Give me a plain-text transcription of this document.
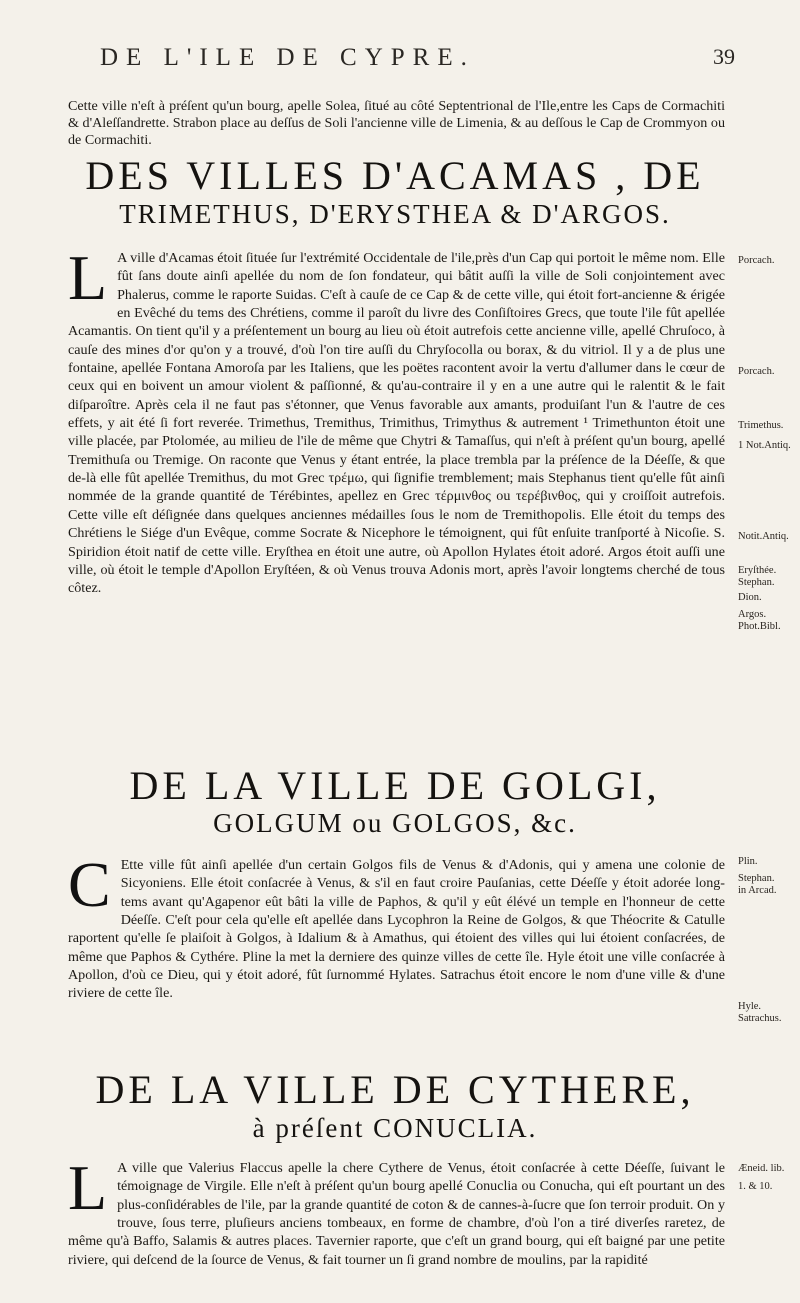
DE L'ILE DE CYPRE.	39

Cette ville n'eſt à préſent qu'un bourg, apelle Solea, ſitué au côté Septentrional de l'Ile,entre les Caps de Cormachiti & d'Aleſſandrette. Strabon place au deſſus de Soli l'ancienne ville de Limenia, & au deſſous le Cap de Crommyon ou de Cormachiti.

DES VILLES D'ACAMAS , DE
TRIMETHUS, D'ERYSTHEA & D'ARGOS.
L A ville d'Acamas étoit ſituée ſur l'extrémité Occidentale de l'ile,près d'un Cap qui portoit le même nom. Elle fût ſans doute ainſi apellée du nom de ſon fondateur, qui bâtit auſſi la ville de Soli conjointement avec Phalerus, comme le raporte Suidas. C'eſt à cauſe de ce Cap & de cette ville, qui étoit fort-ancienne & érigée en Evêché du tems des Chrétiens, comme il paroît du livre des Conſiſtoires Grecs, que toute l'ile fût apellée Acamantis. On tient qu'il y a préſentement un bourg au lieu où étoit autrefois cette ancienne ville, apellé Chruſoco, à cauſe des mines d'or qu'on y a trouvé, d'où l'on tire auſſi du Chryſocolla ou borax, & du vitriol. Il y a de plus une fontaine, apellée Fontana Amoroſa par les Italiens, que les poëtes racontent avoir la vertu d'allumer dans le cœur de ceux qui en boivent un amour violent & paſſionné, & qu'au-contraire il y en a une autre qui le ralentit & le fait diſparoître. Après cela il ne faut pas s'étonner, que Venus favorable aux amants, produiſant l'un & l'autre de ces effets, y ait été ſi fort reverée. Trimethus, Tremithus, Trimithus, Trimythus & autrement ¹ Trimethunton étoit une ville placée, par Ptolomée, au milieu de l'ile de même que Chytri & Tamaſſus, qui n'eſt à préſent qu'un bourg, apellé Tremithuſa ou Tremige. On raconte que Venus y étant entrée, la place trembla par la préſence de la Déeſſe, & que de-là elle fût apellée Tremithus, du mot Grec τρέμω, qui ſignifie tremblement; mais Stephanus tient qu'elle fût ainſi nommée de la grande quantité de Térébintes, apellez en Grec τέρμινθος ou τερέβινθος, qui y croiſſoit autrefois. Cette ville eſt déſignée dans quelques anciennes médailles ſous le nom de Tremithopolis. Elle étoit du temps des Chrétiens le Siége d'un Evêque, comme Socrate & Nicephore le témoignent, qui fût enſuite tranſporté à Nicoſie. S. Spiridion étoit natif de cette ville. Eryſthea en étoit une autre, où Apollon Hylates étoit adoré. Argos étoit auſſi une ville, où étoit le temple d'Apollon Eryſtéen, & où Venus trouva Adonis mort, après l'avoir longtems cherché de tous côtez.
DE LA VILLE DE GOLGI,
GOLGUM ou GOLGOS, &c.
C Ette ville fût ainſi apellée d'un certain Golgos fils de Venus & d'Adonis, qui y amena une colonie de Sicyoniens. Elle étoit conſacrée à Venus, & s'il en faut croire Pauſanias, cette Déeſſe y étoit adorée long-tems avant qu'Agapenor eût bâti la ville de Paphos, & qu'il y eût élévé un temple en l'honneur de cette Déeſſe. C'eſt pour cela qu'elle eſt apellée dans Lycophron la Reine de Golgos, & que Théocrite & Catulle raportent qu'elle ſe plaiſoit à Golgos, à Idalium & à Amathus, qui étoient des villes qui lui étoient conſacrées, de même que Paphos & Cythére. Pline la met la derniere des quinze villes de cette île. Hyle étoit une ville conſacrée à Apollon, d'où ce Dieu, qui y étoit adoré, fût ſurnommé Hylates. Satrachus étoit encore le nom d'une ville & d'une riviere de cette île.
DE LA VILLE DE CYTHERE,
à préſent CONUCLIA.
L A ville que Valerius Flaccus apelle la chere Cythere de Venus, étoit conſacrée à cette Déeſſe, ſuivant le témoignage de Virgile. Elle n'eſt à préſent qu'un bourg apellé Conuclia ou Conucha, qui eſt pourtant un des plus-conſidérables de l'ile, par la grande quantité de coton & de cannes-à-ſucre que ſon terroir produit. On y trouve, ſous terre, pluſieurs anciens tombeaux, en forme de chambre, d'où l'on a tiré diverſes raretez, de même qu'à Baffo, Salamis & autres places. Tavernier raporte, que c'eſt un grand bourg, qui eſt baigné par une petite riviere, qui deſcend de la ſource de Venus, & fait tourner un ſi grand nombre de moulins, par la rapidité
Porcach.
Porcach.
Trimethus.
1 Not.Antiq.
Notit.Antiq.
Eryſthée.
Stephan.
Dion.
Argos.
Phot.Bibl.
Plin.
Stephan.
in Arcad.
Hyle.
Satrachus.
Æneid. lib.
1. & 10.
